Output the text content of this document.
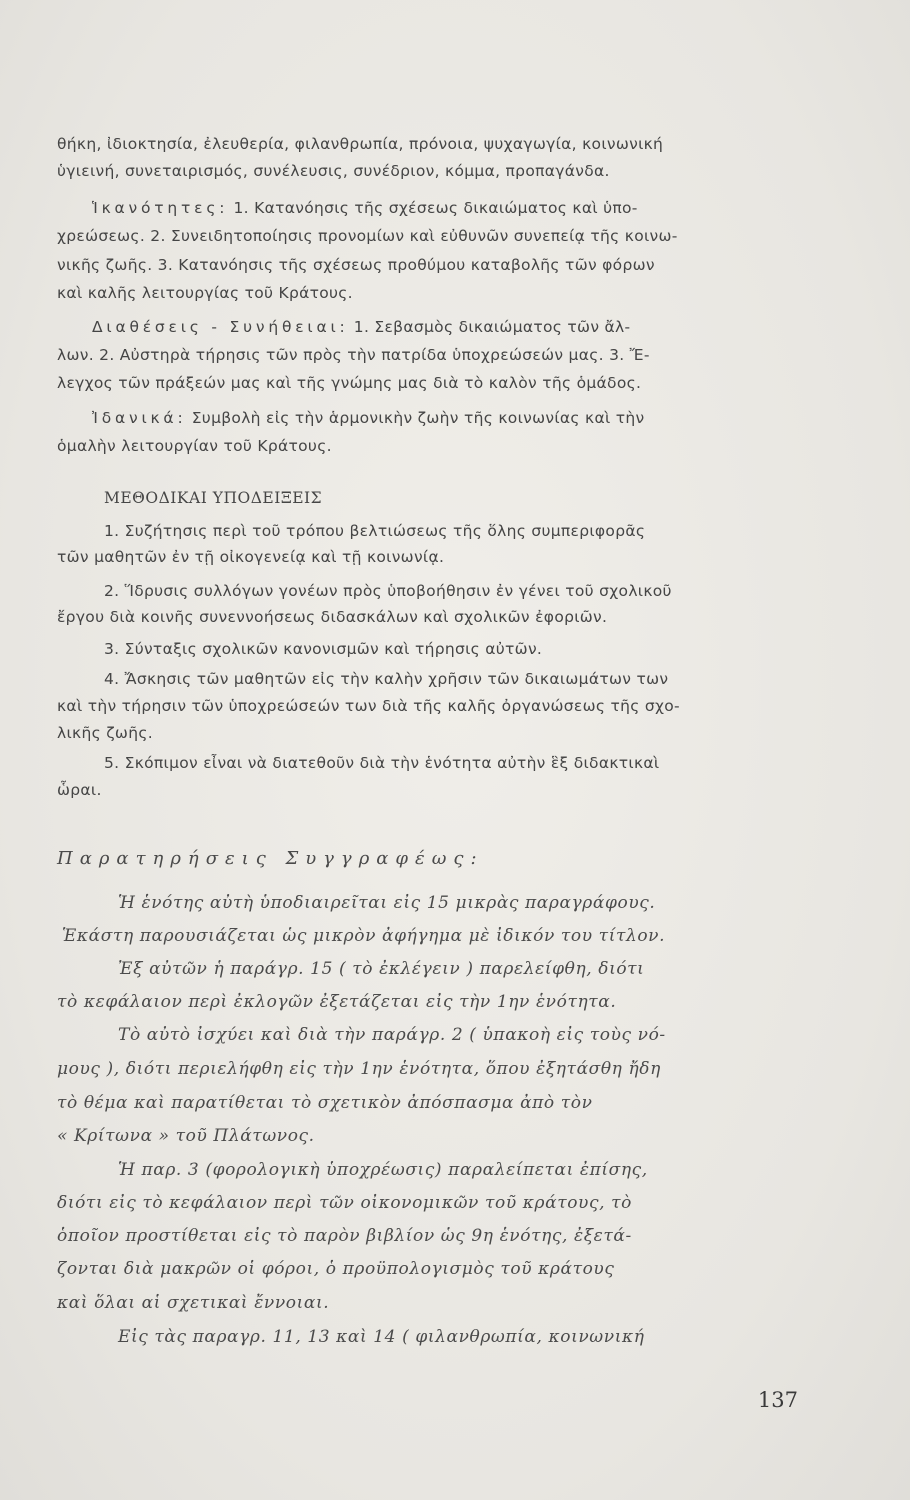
θήκη, ἰδιοκτησία, ἐλευθερία, φιλανθρωπία, πρόνοια, ψυχαγωγία, κοινωνική
ὑγιεινή, συνεταιρισμός, συνέλευσις, συνέδριον, κόμμα, προπαγάνδα.
Ἱκανότητες: 1. Κατανόησις τῆς σχέσεως δικαιώματος καὶ ὑπο-
χρεώσεως. 2. Συνειδητοποίησις προνομίων καὶ εὐθυνῶν συνεπείᾳ τῆς κοινω-
νικῆς ζωῆς. 3. Κατανόησις τῆς σχέσεως προθύμου καταβολῆς τῶν φόρων
καὶ καλῆς λειτουργίας τοῦ Κράτους.
Διαθέσεις - Συνήθειαι: 1. Σεβασμὸς δικαιώματος τῶν ἄλ-
λων. 2. Αὐστηρὰ τήρησις τῶν πρὸς τὴν πατρίδα ὑποχρεώσεών μας. 3. Ἔ-
λεγχος τῶν πράξεών μας καὶ τῆς γνώμης μας διὰ τὸ καλὸν τῆς ὁμάδος.
Ἰδανικά: Συμβολὴ εἰς τὴν ἁρμονικὴν ζωὴν τῆς κοινωνίας καὶ τὴν
ὁμαλὴν λειτουργίαν τοῦ Κράτους.
ΜΕΘΟΔΙΚΑΙ ΥΠΟΔΕΙΞΕΙΣ
1. Συζήτησις περὶ τοῦ τρόπου βελτιώσεως τῆς ὅλης συμπεριφορᾶς
τῶν μαθητῶν ἐν τῇ οἰκογενείᾳ καὶ τῇ κοινωνίᾳ.
2. Ἵδρυσις συλλόγων γονέων πρὸς ὑποβοήθησιν ἐν γένει τοῦ σχολικοῦ
ἔργου διὰ κοινῆς συνεννοήσεως διδασκάλων καὶ σχολικῶν ἐφοριῶν.
3. Σύνταξις σχολικῶν κανονισμῶν καὶ τήρησις αὐτῶν.
4. Ἄσκησις τῶν μαθητῶν εἰς τὴν καλὴν χρῆσιν τῶν δικαιωμάτων των
καὶ τὴν τήρησιν τῶν ὑποχρεώσεών των διὰ τῆς καλῆς ὀργανώσεως τῆς σχο-
λικῆς ζωῆς.
5. Σκόπιμον εἶναι νὰ διατεθοῦν διὰ τὴν ἑνότητα αὐτὴν ἓξ διδακτικαὶ
ὧραι.
Παρατηρήσεις Συγγραφέως:
Ἡ ἑνότης αὐτὴ ὑποδιαιρεῖται εἰς 15 μικρὰς παραγράφους.
Ἑκάστη παρουσιάζεται ὡς μικρὸν ἀφήγημα μὲ ἰδικόν του τίτλον.
Ἐξ αὐτῶν ἡ παράγρ. 15 ( τὸ ἐκλέγειν ) παρελείφθη, διότι
τὸ κεφάλαιον περὶ ἐκλογῶν ἐξετάζεται εἰς τὴν 1ην ἑνότητα.
Τὸ αὐτὸ ἰσχύει καὶ διὰ τὴν παράγρ. 2 ( ὑπακοὴ εἰς τοὺς νό-
μους ), διότι περιελήφθη εἰς τὴν 1ην ἑνότητα, ὅπου ἐξητάσθη ἤδη
τὸ θέμα καὶ παρατίθεται τὸ σχετικὸν ἀπόσπασμα ἀπὸ τὸν
« Κρίτωνα » τοῦ Πλάτωνος.
Ἡ παρ. 3 (φορολογικὴ ὑποχρέωσις) παραλείπεται ἐπίσης,
διότι εἰς τὸ κεφάλαιον περὶ τῶν οἰκονομικῶν τοῦ κράτους, τὸ
ὁποῖον προστίθεται εἰς τὸ παρὸν βιβλίον ὡς 9η ἑνότης, ἐξετά-
ζονται διὰ μακρῶν οἱ φόροι, ὁ προϋπολογισμὸς τοῦ κράτους
καὶ ὅλαι αἱ σχετικαὶ ἔννοιαι.
Εἰς τὰς παραγρ. 11, 13 καὶ 14 ( φιλανθρωπία, κοινωνική
137
